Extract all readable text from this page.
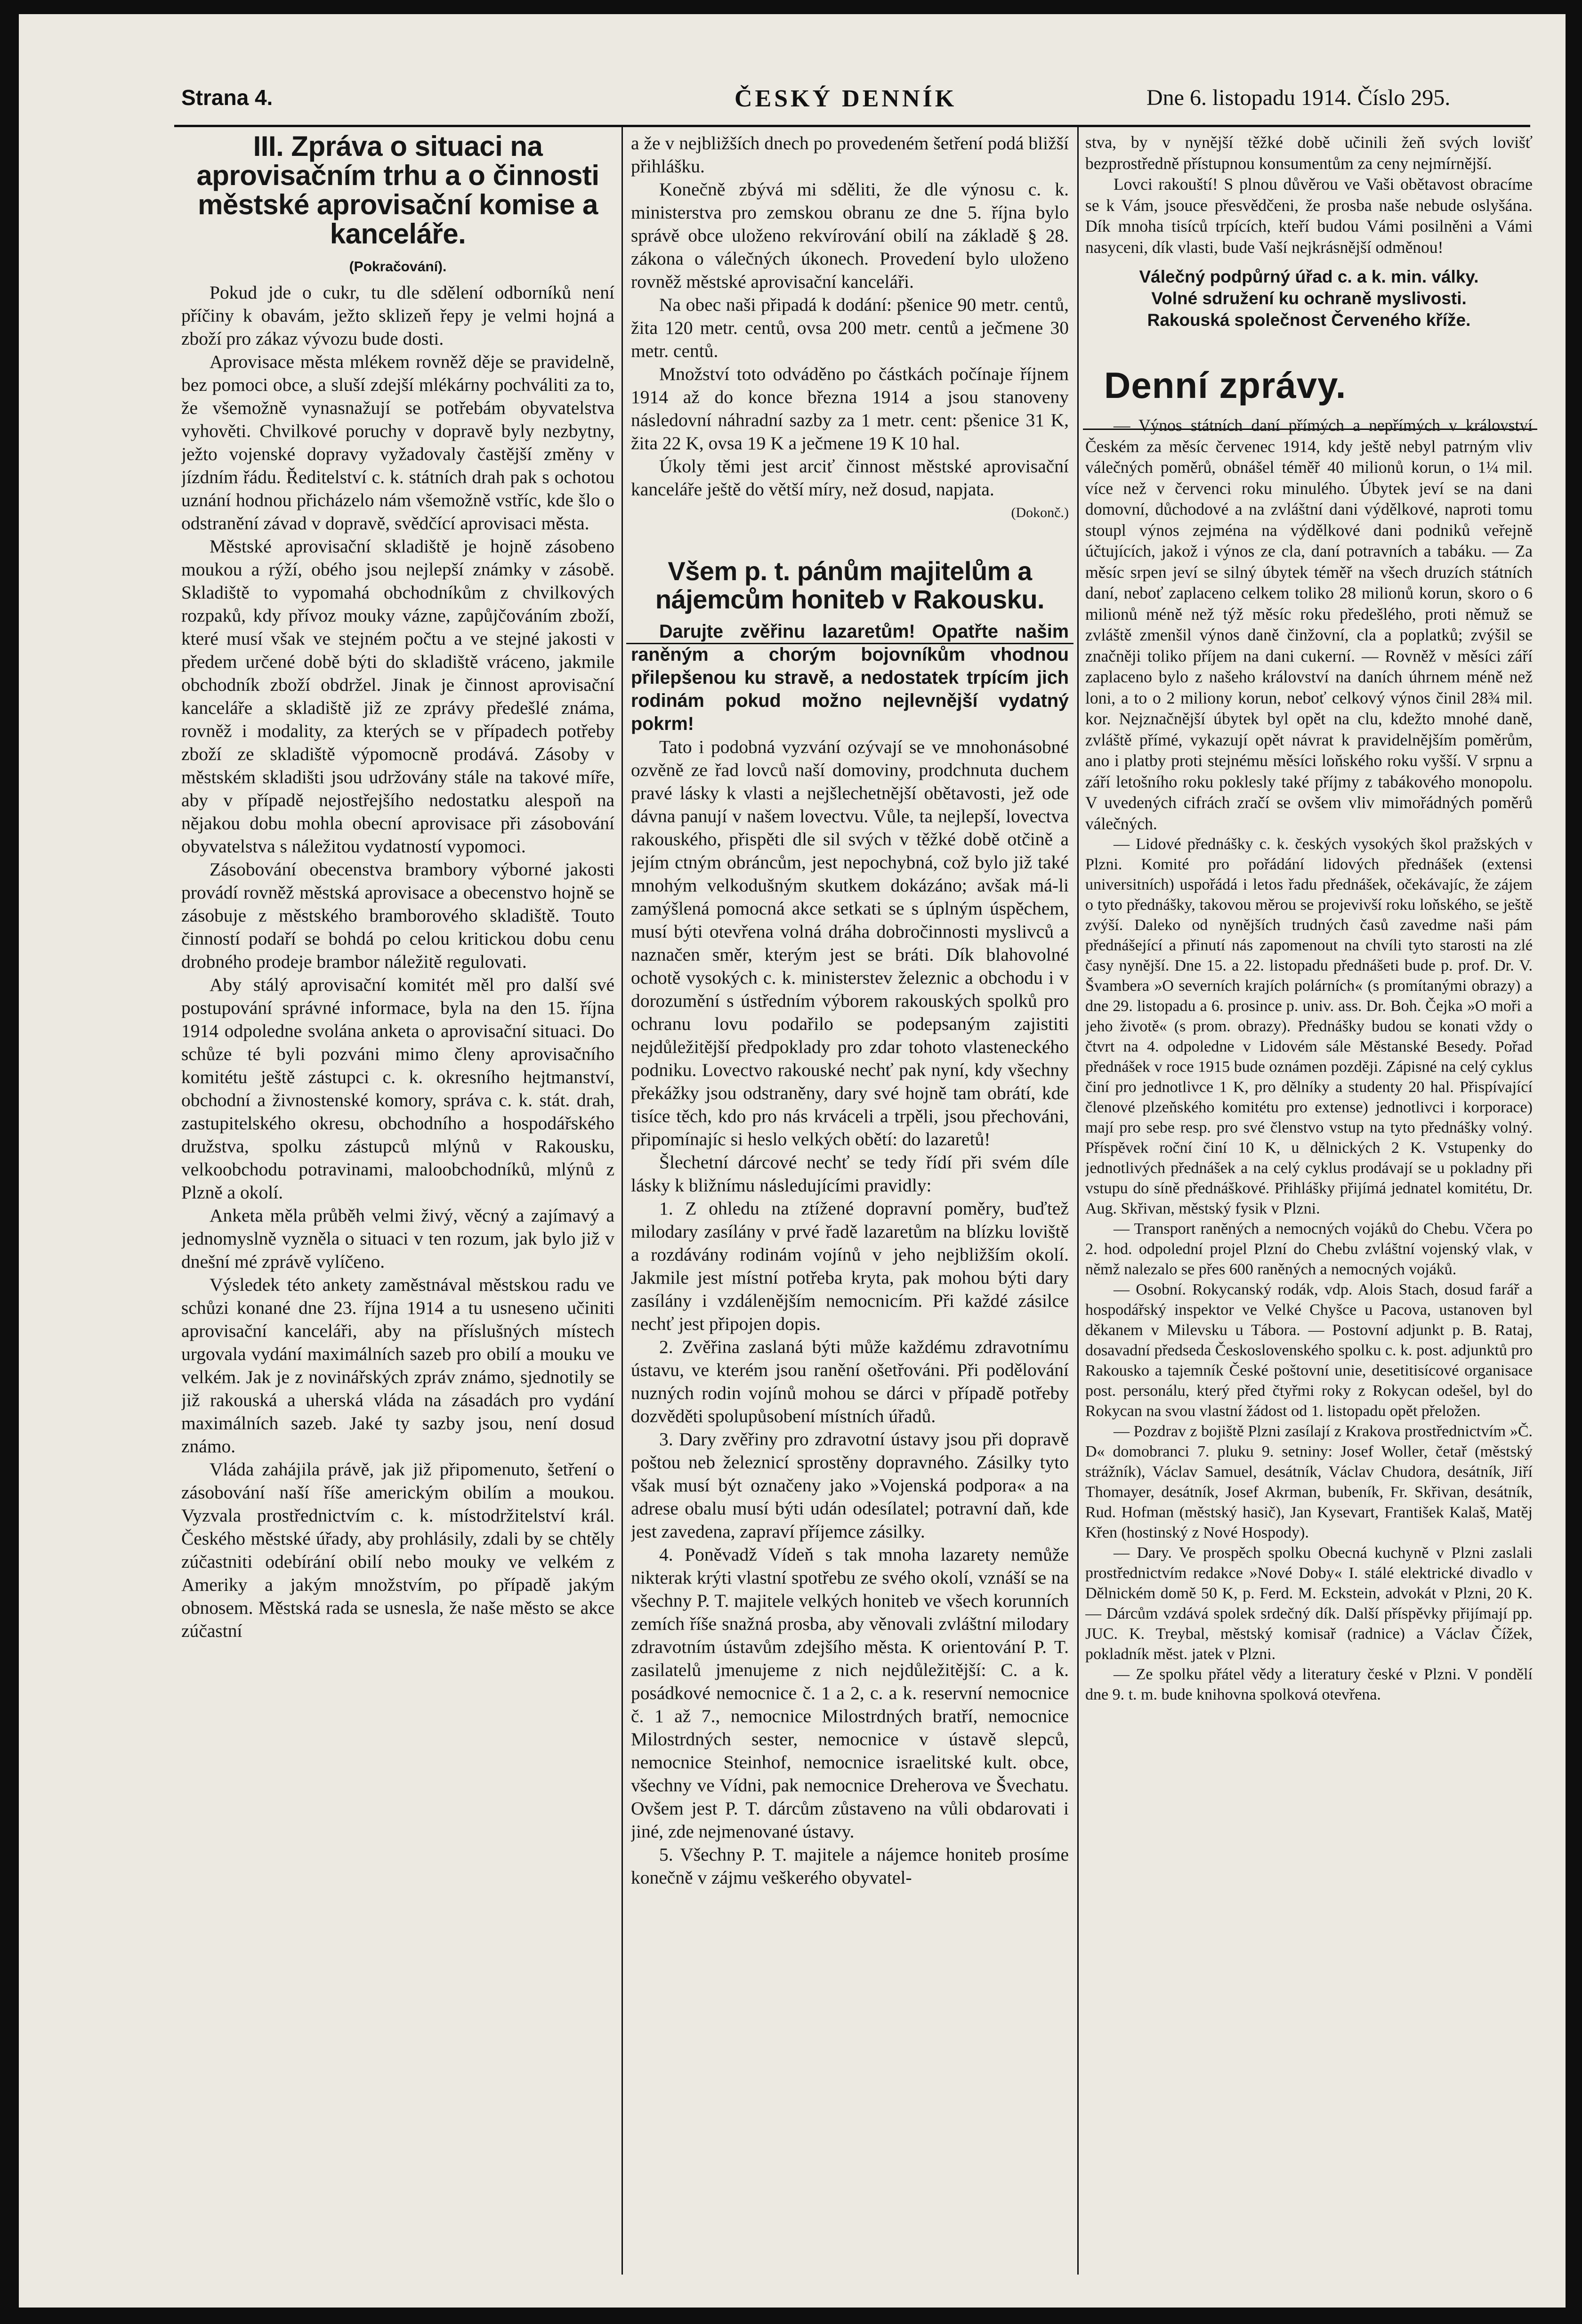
Strana 4.	ČESKÝ DENNÍK	Dne 6. listopadu 1914. Číslo 295.
III. Zpráva o situaci na aprovisačním trhu a o činnosti městské aprovisační komise a kanceláře.
(Pokračování).

Pokud jde o cukr, tu dle sdělení odborníků není příčiny k obavám, ježto sklizeň řepy je velmi hojná a zboží pro zákaz vývozu bude dosti.

Aprovisace města mlékem rovněž děje se pravidelně, bez pomoci obce, a sluší zdejší mlékárny pochváliti za to, že všemožně vynasnažují se potřebám obyvatelstva vyhověti. Chvilkové poruchy v dopravě byly nezbytny, ježto vojenské dopravy vyžadovaly častější změny v jízdním řádu. Ředitelství c. k. státních drah pak s ochotou uznání hodnou přicházelo nám všemožně vstříc, kde šlo o odstranění závad v dopravě, svědčící aprovisaci města.

Městské aprovisační skladiště je hojně zásobeno moukou a rýží, obého jsou nejlepší známky v zásobě. Skladiště to vypomahá obchodníkům z chvilkových rozpaků, kdy přívoz mouky vázne, zapůjčováním zboží, které musí však ve stejném počtu a ve stejné jakosti v předem určené době býti do skladiště vráceno, jakmile obchodník zboží obdržel. Jinak je činnost aprovisační kanceláře a skladiště již ze zprávy předešlé známa, rovněž i modality, za kterých se v případech potřeby zboží ze skladiště výpomocně prodává. Zásoby v městském skladišti jsou udržovány stále na takové míře, aby v případě nejostřejšího nedostatku alespoň na nějakou dobu mohla obecní aprovisace při zásobování obyvatelstva s náležitou vydatností vypomoci.

Zásobování obecenstva brambory výborné jakosti provádí rovněž městská aprovisace a obecenstvo hojně se zásobuje z městského bramborového skladiště. Touto činností podaří se bohdá po celou kritickou dobu cenu drobného prodeje brambor náležitě regulovati.

Aby stálý aprovisační komitét měl pro další své postupování správné informace, byla na den 15. října 1914 odpoledne svolána anketa o aprovisační situaci. Do schůze té byli pozváni mimo členy aprovisačního komitétu ještě zástupci c. k. okresního hejtmanství, obchodní a živnostenské komory, správa c. k. stát. drah, zastupitelského okresu, obchodního a hospodářského družstva, spolku zástupců mlýnů v Rakousku, velkoobchodu potravinami, maloobchodníků, mlýnů z Plzně a okolí.

Anketa měla průběh velmi živý, věcný a zajímavý a jednomyslně vyzněla o situaci v ten rozum, jak bylo již v dnešní mé zprávě vylíčeno.

Výsledek této ankety zaměstnával městskou radu ve schůzi konané dne 23. října 1914 a tu usneseno učiniti aprovisační kanceláři, aby na příslušných místech urgovala vydání maximálních sazeb pro obilí a mouku ve velkém. Jak je z novinářských zpráv známo, sjednotily se již rakouská a uherská vláda na zásadách pro vydání maximálních sazeb. Jaké ty sazby jsou, není dosud známo.

Vláda zahájila právě, jak již připomenuto, šetření o zásobování naší říše americkým obilím a moukou. Vyzvala prostřednictvím c. k. místodržitelství král. Českého městské úřady, aby prohlásily, zdali by se chtěly zúčastniti odebírání obilí nebo mouky ve velkém z Ameriky a jakým množstvím, po případě jakým obnosem. Městská rada se usnesla, že naše město se akce zúčastní

a že v nejbližších dnech po provedeném šetření podá bližší přihlášku.

Konečně zbývá mi sděliti, že dle výnosu c. k. ministerstva pro zemskou obranu ze dne 5. října bylo správě obce uloženo rekvírování obilí na základě § 28. zákona o válečných úkonech. Provedení bylo uloženo rovněž městské aprovisační kanceláři.

Na obec naši připadá k dodání: pšenice 90 metr. centů, žita 120 metr. centů, ovsa 200 metr. centů a ječmene 30 metr. centů.

Množství toto odváděno po částkách počínaje říjnem 1914 až do konce března 1914 a jsou stanoveny následovní náhradní sazby za 1 metr. cent: pšenice 31 K, žita 22 K, ovsa 19 K a ječmene 19 K 10 hal.

Úkoly těmi jest arciť činnost městské aprovisační kanceláře ještě do větší míry, než dosud, napjata.

(Dokonč.)
Všem p. t. pánům majitelům a nájemcům honiteb v Rakousku.

Darujte zvěřinu lazaretům! Opatřte našim raněným a chorým bojovníkům vhodnou přilepšenou ku stravě, a nedostatek trpícím jich rodinám pokud možno nejlevnější vydatný pokrm!

Tato i podobná vyzvání ozývají se ve mnohonásobné ozvěně ze řad lovců naší domoviny, prodchnuta duchem pravé lásky k vlasti a nejšlechetnější obětavosti, jež ode dávna panují v našem lovectvu. Vůle, ta nejlepší, lovectva rakouského, přispěti dle sil svých v těžké době otčině a jejím ctným obráncům, jest nepochybná, což bylo již také mnohým velkodušným skutkem dokázáno; avšak má-li zamýšlená pomocná akce setkati se s úplným úspěchem, musí býti otevřena volná dráha dobročinnosti myslivců a naznačen směr, kterým jest se bráti. Dík blahovolné ochotě vysokých c. k. ministerstev železnic a obchodu i v dorozumění s ústředním výborem rakouských spolků pro ochranu lovu podařilo se podepsaným zajistiti nejdůležitější předpoklady pro zdar tohoto vlasteneckého podniku. Lovectvo rakouské nechť pak nyní, kdy všechny překážky jsou odstraněny, dary své hojně tam obrátí, kde tisíce těch, kdo pro nás krváceli a trpěli, jsou přechováni, připomínajíc si heslo velkých obětí: do lazaretů!

Šlechetní dárcové nechť se tedy řídí při svém díle lásky k bližnímu následujícími pravidly:

1. Z ohledu na ztížené dopravní poměry, buďtež milodary zasílány v prvé řadě lazaretům na blízku loviště a rozdávány rodinám vojínů v jeho nejbližším okolí. Jakmile jest místní potřeba kryta, pak mohou býti dary zasílány i vzdálenějším nemocnicím. Při každé zásilce nechť jest připojen dopis.

2. Zvěřina zaslaná býti může každému zdravotnímu ústavu, ve kterém jsou ranění ošetřováni. Při podělování nuzných rodin vojínů mohou se dárci v případě potřeby dozvěděti spolupůsobení místních úřadů.

3. Dary zvěřiny pro zdravotní ústavy jsou při dopravě poštou neb železnicí sprostěny dopravného. Zásilky tyto však musí být označeny jako »Vojenská podpora« a na adrese obalu musí býti udán odesílatel; potravní daň, kde jest zavedena, zapraví příjemce zásilky.

4. Poněvadž Vídeň s tak mnoha lazarety nemůže nikterak krýti vlastní spotřebu ze svého okolí, vznáší se na všechny P. T. majitele velkých honiteb ve všech korunních zemích říše snažná prosba, aby věnovali zvláštní milodary zdravotním ústavům zdejšího města. K orientování P. T. zasilatelů jmenujeme z nich nejdůležitější: C. a k. posádkové nemocnice č. 1 a 2, c. a k. reservní nemocnice č. 1 až 7., nemocnice Milostrdných bratří, nemocnice Milostrdných sester, nemocnice v ústavě slepců, nemocnice Steinhof, nemocnice israelitské kult. obce, všechny ve Vídni, pak nemocnice Dreherova ve Švechatu. Ovšem jest P. T. dárcům zůstaveno na vůli obdarovati i jiné, zde nejmenované ústavy.

5. Všechny P. T. majitele a nájemce honiteb prosíme konečně v zájmu veškerého obyvatel-

stva, by v nynější těžké době učinili žeň svých lovišť bezprostředně přístupnou konsumentům za ceny nejmírnější.

Lovci rakouští! S plnou důvěrou ve Vaši obětavost obracíme se k Vám, jsouce přesvědčeni, že prosba naše nebude oslyšána. Dík mnoha tisíců trpících, kteří budou Vámi posilněni a Vámi nasyceni, dík vlasti, bude Vaší nejkrásnější odměnou!

Válečný podpůrný úřad c. a k. min. války.
Volné sdružení ku ochraně myslivosti.
Rakouská společnost Červeného kříže.
Denní zprávy.

— Výnos státních daní přímých a nepřímých v království Českém za měsíc červenec 1914, kdy ještě nebyl patrným vliv válečných poměrů, obnášel téměř 40 milionů korun, o 1¼ mil. více než v červenci roku minulého. Úbytek jeví se na dani domovní, důchodové a na zvláštní dani výdělkové, naproti tomu stoupl výnos zejména na výdělkové dani podniků veřejně účtujících, jakož i výnos ze cla, daní potravních a tabáku. — Za měsíc srpen jeví se silný úbytek téměř na všech druzích státních daní, neboť zaplaceno celkem toliko 28 milionů korun, skoro o 6 milionů méně než týž měsíc roku předešlého, proti němuž se zvláště zmenšil výnos daně činžovní, cla a poplatků; zvýšil se značněji toliko příjem na dani cukerní. — Rovněž v měsíci září zaplaceno bylo z našeho království na daních úhrnem méně než loni, a to o 2 miliony korun, neboť celkový výnos činil 28¾ mil. kor. Nejznačnější úbytek byl opět na clu, kdežto mnohé daně, zvláště přímé, vykazují opět návrat k pravidelnějším poměrům, ano i platby proti stejnému měsíci loňského roku vyšší. V srpnu a září letošního roku poklesly také příjmy z tabákového monopolu. V uvedených cifrách zračí se ovšem vliv mimořádných poměrů válečných.

— Lidové přednášky c. k. českých vysokých škol pražských v Plzni. Komité pro pořádání lidových přednášek (extensi universitních) uspořádá i letos řadu přednášek, očekávajíc, že zájem o tyto přednášky, takovou měrou se projevivší roku loňského, se ještě zvýší. Dalekо od nynějších trudných časů zavedme naši pám přednášející a přinutí nás zapomenout na chvíli tyto starosti na zlé časy nynější. Dne 15. a 22. listopadu přednášeti bude p. prof. Dr. V. Švambera »O severních krajích polárních« (s promítanými obrazy) a dne 29. listopadu a 6. prosince p. univ. ass. Dr. Boh. Čejka »O moři a jeho životě« (s prom. obrazy). Přednášky budou se konati vždy o čtvrt na 4. odpoledne v Lidovém sále Městanské Besedy. Pořad přednášek v roce 1915 bude oznámen později. Zápisné na celý cyklus činí pro jednotlivce 1 K, pro dělníky a studenty 20 hal. Přispívající členové plzeňského komitétu pro extense) jednotlivci i korporace) mají pro sebe resp. pro své členstvo vstup na tyto přednášky volný. Příspěvek roční činí 10 K, u dělnických 2 K. Vstupenky do jednotlivých přednášek a na celý cyklus prodávají se u pokladny při vstupu do síně přednáškové. Přihlášky přijímá jednatel komitétu, Dr. Aug. Skřivan, městský fysik v Plzni.

— Transport raněných a nemocných vojáků do Chebu. Včera po 2. hod. odpolední projel Plzní do Chebu zvláštní vojenský vlak, v němž nalezalo se přes 600 raněných a nemocných vojáků.

— Osobní. Rokycanský rodák, vdp. Alois Stach, dosud farář a hospodářský inspektor ve Velké Chyšce u Pacova, ustanoven byl děkanem v Milevsku u Tábora. — Postovní adjunkt p. B. Rataj, dosavadní předseda Československého spolku c. k. post. adjunktů pro Rakousko a tajemník České poštovní unie, desetitisícové organisace post. personálu, který před čtyřmi roky z Rokycan odešel, byl do Rokycan na svou vlastní žádost od 1. listopadu opět přeložen.

— Pozdrav z bojiště Plzni zasílají z Krakova prostřednictvím »Č. D« domobranci 7. pluku 9. setniny: Josef Woller, četař (městský strážník), Václav Samuel, desátník, Václav Chudora, desátník, Jiří Thomayer, desátník, Josef Akrman, bubeník, Fr. Skřivan, desátník, Rud. Hofman (městský hasič), Jan Kysevart, František Kalaš, Matěj Křen (hostinský z Nové Hospody).

— Dary. Ve prospěch spolku Obecná kuchyně v Plzni zaslali prostřednictvím redakce »Nové Doby« I. stálé elektrické divadlo v Dělnickém domě 50 K, p. Ferd. M. Eckstein, advokát v Plzni, 20 K. — Dárcům vzdává spolek srdečný dík. Další příspěvky přijímají pp. JUC. K. Treybal, městský komisař (radnice) a Václav Čížek, pokladník měst. jatek v Plzni.

— Ze spolku přátel vědy a literatury české v Plzni. V pondělí dne 9. t. m. bude knihovna spolková otevřena.
